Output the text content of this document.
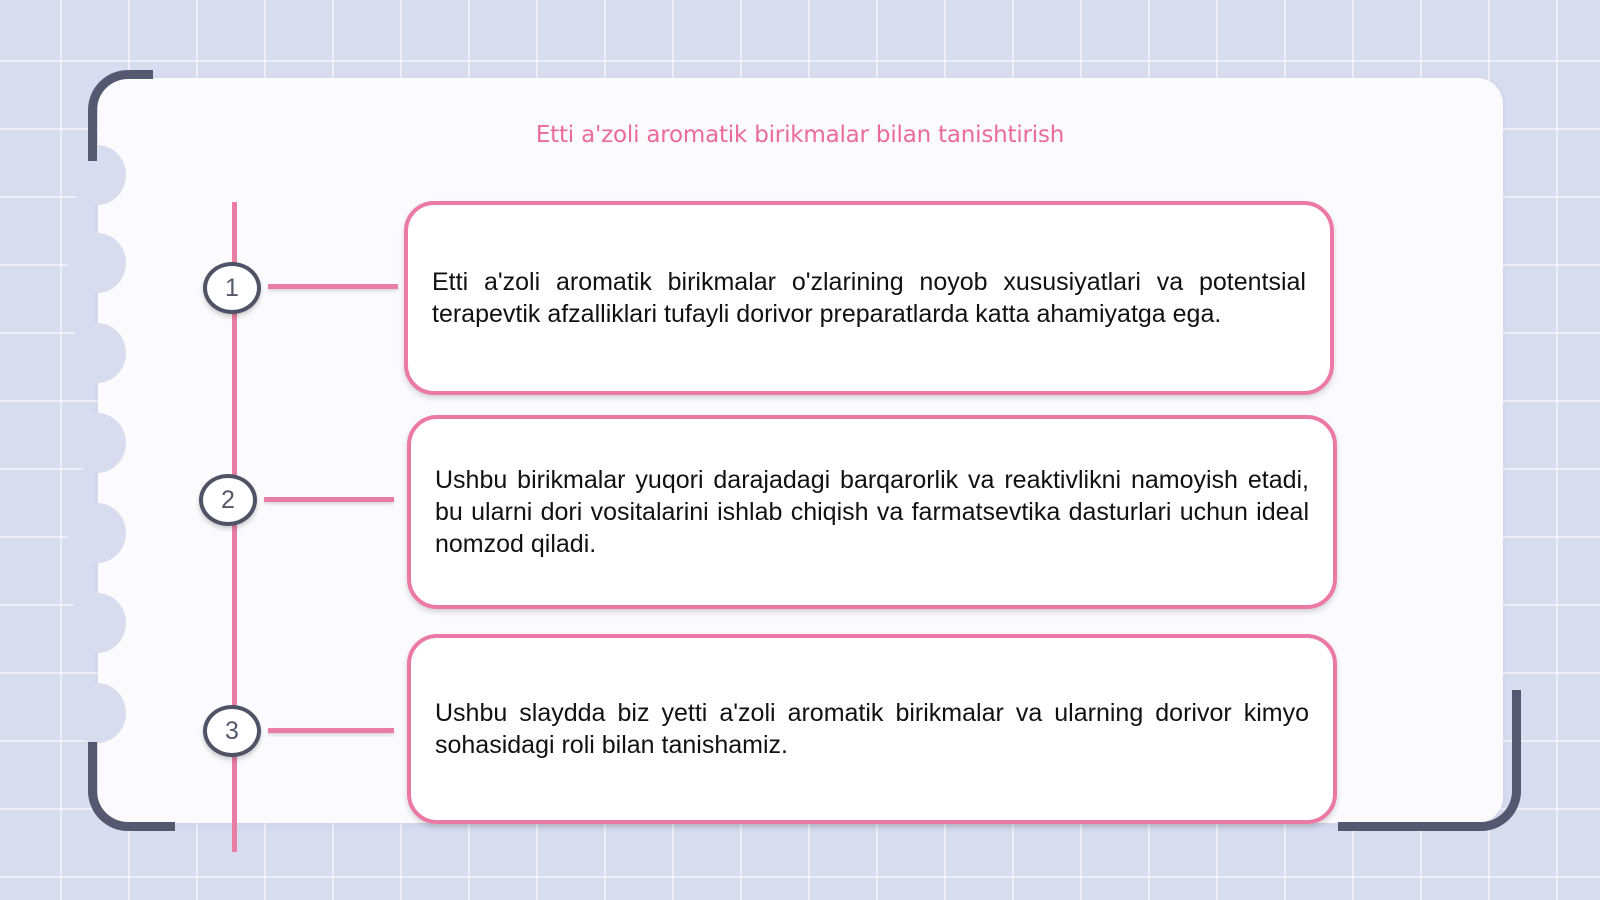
Etti a'zoli aromatik birikmalar bilan tanishtirish
1	Etti a'zoli aromatik birikmalar o'zlarining noyob xususiyatlari va potentsial terapevtik afzalliklari tufayli dorivor preparatlarda katta ahamiyatga ega.

2

Ushbu birikmalar yuqori darajadagi barqarorlik va reaktivlikni namoyish etadi, bu ularni dori vositalarini ishlab chiqish va farmatsevtika dasturlari uchun ideal nomzod qiladi.

3

Ushbu slaydda biz yetti a'zoli aromatik birikmalar va ularning dorivor kimyo sohasidagi roli bilan tanishamiz.
